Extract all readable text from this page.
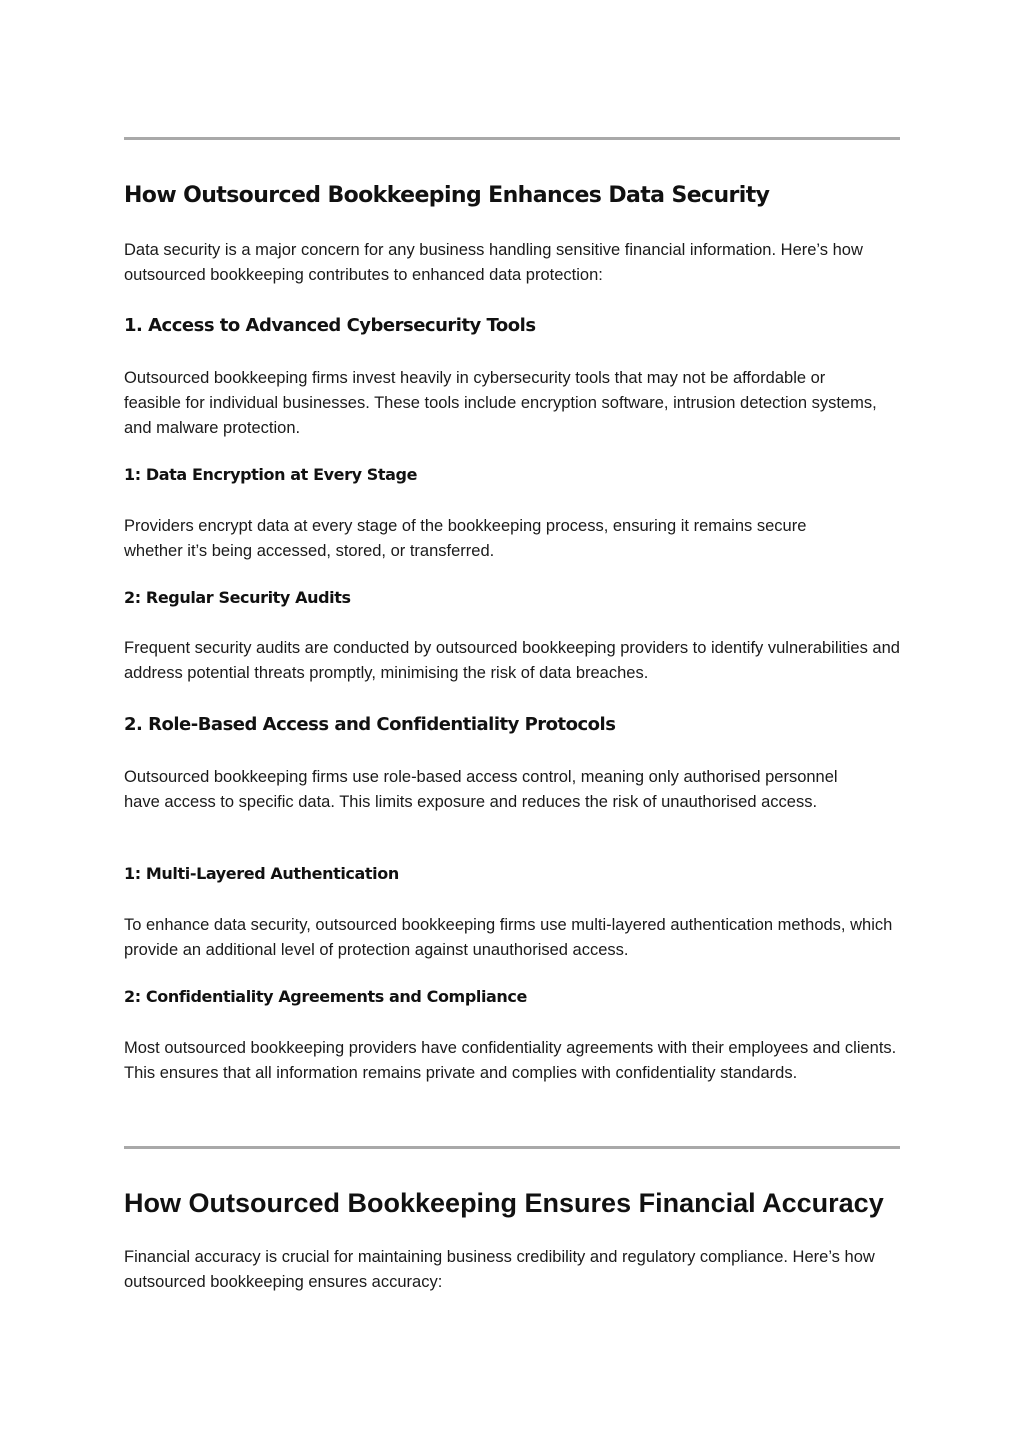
How Outsourced Bookkeeping Enhances Data Security

Data security is a major concern for any business handling sensitive financial information. Here’s how outsourced bookkeeping contributes to enhanced data protection:

1. Access to Advanced Cybersecurity Tools

Outsourced bookkeeping firms invest heavily in cybersecurity tools that may not be affordable or feasible for individual businesses. These tools include encryption software, intrusion detection systems, and malware protection.

1: Data Encryption at Every Stage

Providers encrypt data at every stage of the bookkeeping process, ensuring it remains secure whether it’s being accessed, stored, or transferred.

2: Regular Security Audits

Frequent security audits are conducted by outsourced bookkeeping providers to identify vulnerabilities and address potential threats promptly, minimising the risk of data breaches.

2. Role-Based Access and Confidentiality Protocols

Outsourced bookkeeping firms use role-based access control, meaning only authorised personnel have access to specific data. This limits exposure and reduces the risk of unauthorised access.

1: Multi-Layered Authentication

To enhance data security, outsourced bookkeeping firms use multi-layered authentication methods, which provide an additional level of protection against unauthorised access.

2: Confidentiality Agreements and Compliance

Most outsourced bookkeeping providers have confidentiality agreements with their employees and clients. This ensures that all information remains private and complies with confidentiality standards.

How Outsourced Bookkeeping Ensures Financial Accuracy

Financial accuracy is crucial for maintaining business credibility and regulatory compliance. Here’s how outsourced bookkeeping ensures accuracy:
